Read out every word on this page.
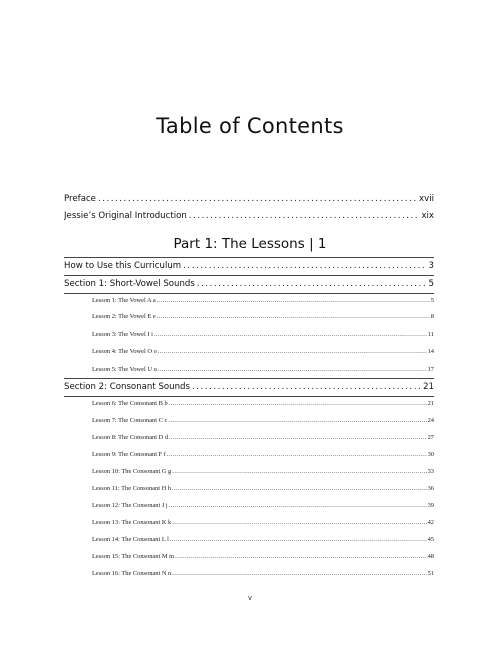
Table of Contents
Preface . . .	xvii
Jessie’s Original Introduction . . .	xix
Part 1: The Lessons | 1
How to Use this Curriculum . . .	3
Section 1: Short-Vowel Sounds . . .	5
Lesson 1: The Vowel A a . . .	5
Lesson 2: The Vowel E e . . .	8
Lesson 3: The Vowel I i . . .	11
Lesson 4: The Vowel O o . . .	14
Lesson 5: The Vowel U u . . .	17
Section 2: Consonant Sounds . . .	21
Lesson 6: The Consonant B b . . .	21
Lesson 7: The Consonant C c . . .	24
Lesson 8: The Consonant D d . . .	27
Lesson 9: The Consonant F f . . .	30
Lesson 10: The Consonant G g . . .	33
Lesson 11: The Consonant H h . . .	36
Lesson 12: The Consonant J j . . .	39
Lesson 13: The Consonant K k . . .	42
Lesson 14: The Consonant L l . . .	45
Lesson 15: The Consonant M m . . .	48
Lesson 16: The Consonant N n . . .	51
v
